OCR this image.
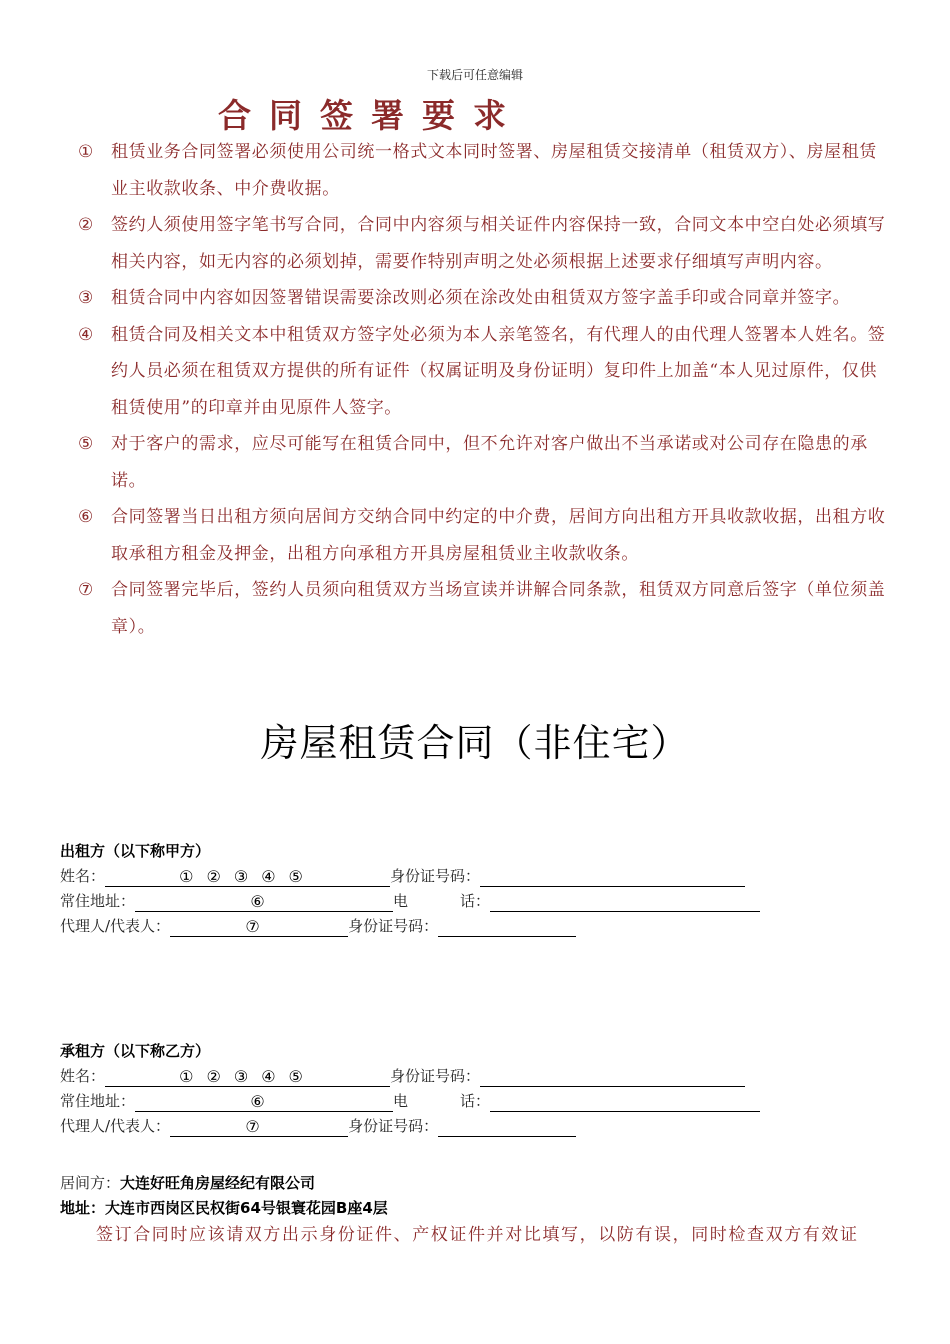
下载后可任意编辑
合同签署要求
① 租赁业务合同签署必须使用公司统一格式文本同时签署、房屋租赁交接清单（租赁双方）、房屋租赁业主收款收条、中介费收据。
② 签约人须使用签字笔书写合同，合同中内容须与相关证件内容保持一致，合同文本中空白处必须填写相关内容，如无内容的必须划掉，需要作特别声明之处必须根据上述要求仔细填写声明内容。
③ 租赁合同中内容如因签署错误需要涂改则必须在涂改处由租赁双方签字盖手印或合同章并签字。
④ 租赁合同及相关文本中租赁双方签字处必须为本人亲笔签名，有代理人的由代理人签署本人姓名。签约人员必须在租赁双方提供的所有证件（权属证明及身份证明）复印件上加盖“本人见过原件，仅供租赁使用”的印章并由见原件人签字。
⑤ 对于客户的需求，应尽可能写在租赁合同中，但不允许对客户做出不当承诺或对公司存在隐患的承诺。
⑥ 合同签署当日出租方须向居间方交纳合同中约定的中介费，居间方向出租方开具收款收据，出租方收取承租方租金及押金，出租方向承租方开具房屋租赁业主收款收条。
⑦ 合同签署完毕后，签约人员须向租赁双方当场宣读并讲解合同条款，租赁双方同意后签字（单位须盖章）。
房屋租赁合同（非住宅）
出租方（以下称甲方）
姓名：	①②③④⑤	身份证号码：
常住地址：	⑥	电	话：
代理人/代表人：	⑦	身份证号码：
承租方（以下称乙方）
姓名：	①②③④⑤	身份证号码：
常住地址：	⑥	电	话：
代理人/代表人：	⑦	身份证号码：
居间方：大连好旺角房屋经纪有限公司
地址：大连市西岗区民权街64号银寰花园B座4层
签订合同时应该请双方出示身份证件、产权证件并对比填写，以防有误，同时检查双方有效证
